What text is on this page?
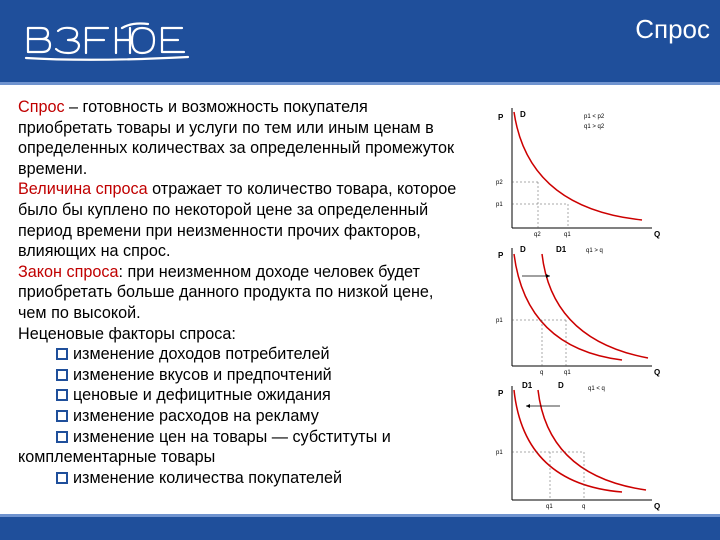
Спрос

Спрос – готовность и возможность покупателя приобретать товары и услуги по тем или иным ценам в определенных количествах за определенный промежуток времени.

Величина спроса отражает то количество товара, которое было бы куплено по некоторой цене за определенный период времени при неизменности прочих факторов, влияющих на спрос.

Закон спроса: при неизменном доходе человек будет приобретать больше данного продукта по низкой цене, чем по высокой.

Неценовые факторы спроса:

изменение доходов потребителей

изменение вкусов и предпочтений

ценовые и дефицитные ожидания

изменение расходов на рекламу

изменение цен на товары — субституты и

комплементарные товары

изменение количества покупателей

P D	p1 < p2
q1 > q2
p2
p1
q2	q1	Q
P
D	D1	q1 > q
p1
q	q1	Q
P
D1	D	q1 < q
p1
q1	q	Q
